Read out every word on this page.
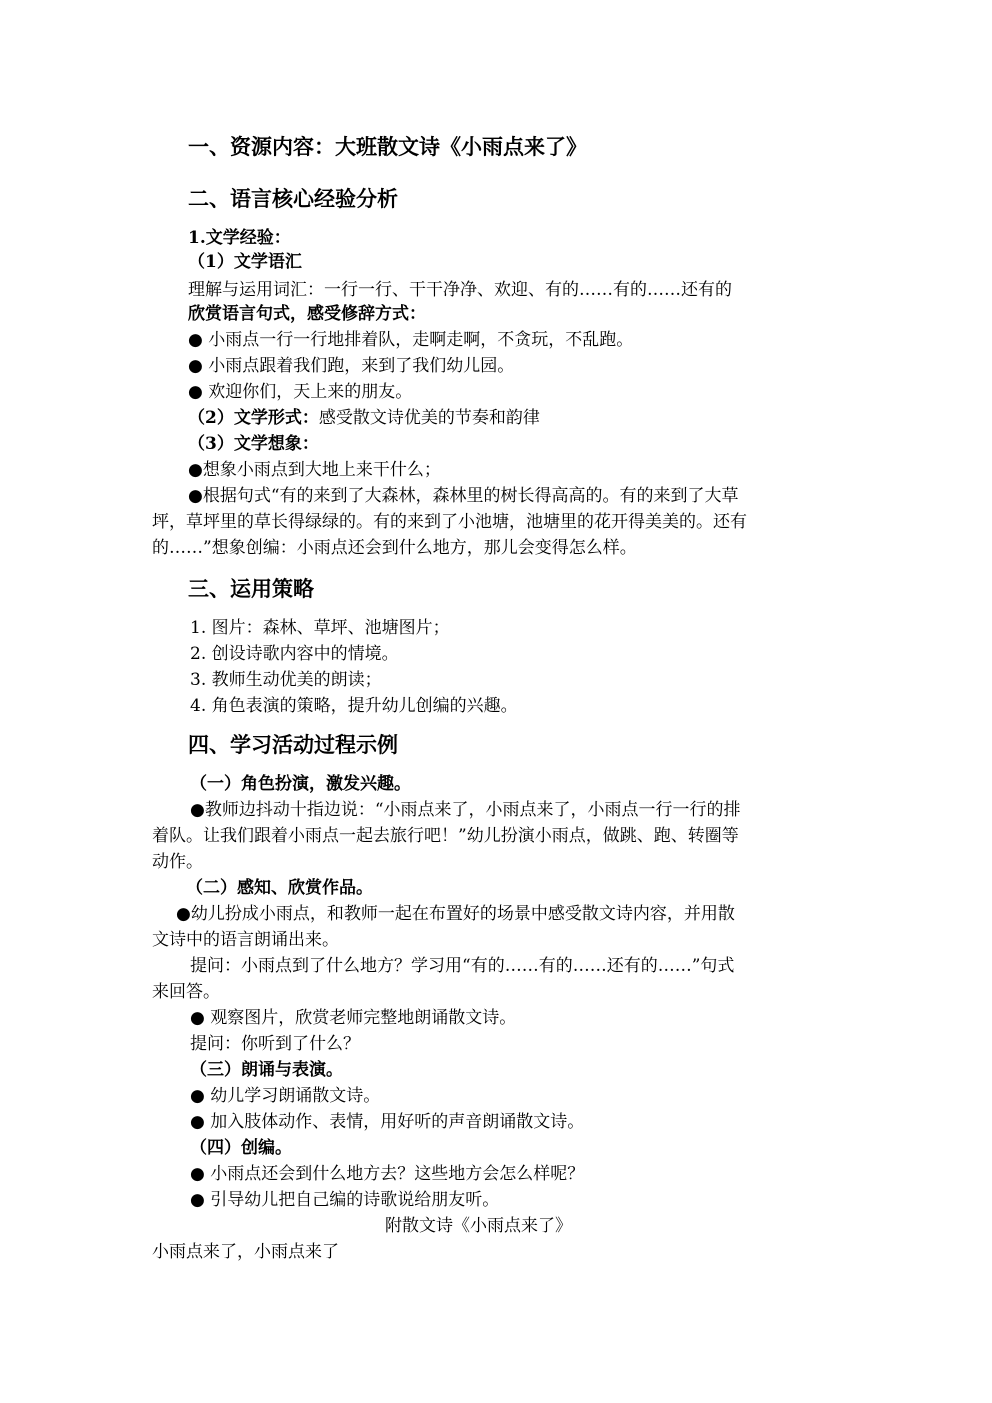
一、资源内容：大班散文诗《小雨点来了》
二、语言核心经验分析
1.文学经验：
（1）文学语汇
理解与运用词汇：一行一行、干干净净、欢迎、有的……有的……还有的
欣赏语言句式，感受修辞方式：
● 小雨点一行一行地排着队，走啊走啊，不贪玩，不乱跑。
● 小雨点跟着我们跑，来到了我们幼儿园。
● 欢迎你们，天上来的朋友。
（2）文学形式：感受散文诗优美的节奏和韵律
（3）文学想象：
●想象小雨点到大地上来干什么；
●根据句式“有的来到了大森林，森林里的树长得高高的。有的来到了大草
坪，草坪里的草长得绿绿的。有的来到了小池塘，池塘里的花开得美美的。还有
的……”想象创编：小雨点还会到什么地方，那儿会变得怎么样。
三、运用策略
1. 图片：森林、草坪、池塘图片；
2. 创设诗歌内容中的情境。
3. 教师生动优美的朗读；
4. 角色表演的策略，提升幼儿创编的兴趣。
四、学习活动过程示例
（一）角色扮演，激发兴趣。
●教师边抖动十指边说：“小雨点来了，小雨点来了，小雨点一行一行的排
着队。让我们跟着小雨点一起去旅行吧！”幼儿扮演小雨点，做跳、跑、转圈等
动作。
（二）感知、欣赏作品。
●幼儿扮成小雨点，和教师一起在布置好的场景中感受散文诗内容，并用散
文诗中的语言朗诵出来。
提问：小雨点到了什么地方？学习用“有的……有的……还有的……”句式
来回答。
● 观察图片，欣赏老师完整地朗诵散文诗。
提问：你听到了什么？
（三）朗诵与表演。
● 幼儿学习朗诵散文诗。
● 加入肢体动作、表情，用好听的声音朗诵散文诗。
（四）创编。
● 小雨点还会到什么地方去？这些地方会怎么样呢？
● 引导幼儿把自己编的诗歌说给朋友听。
附散文诗《小雨点来了》
小雨点来了，小雨点来了
